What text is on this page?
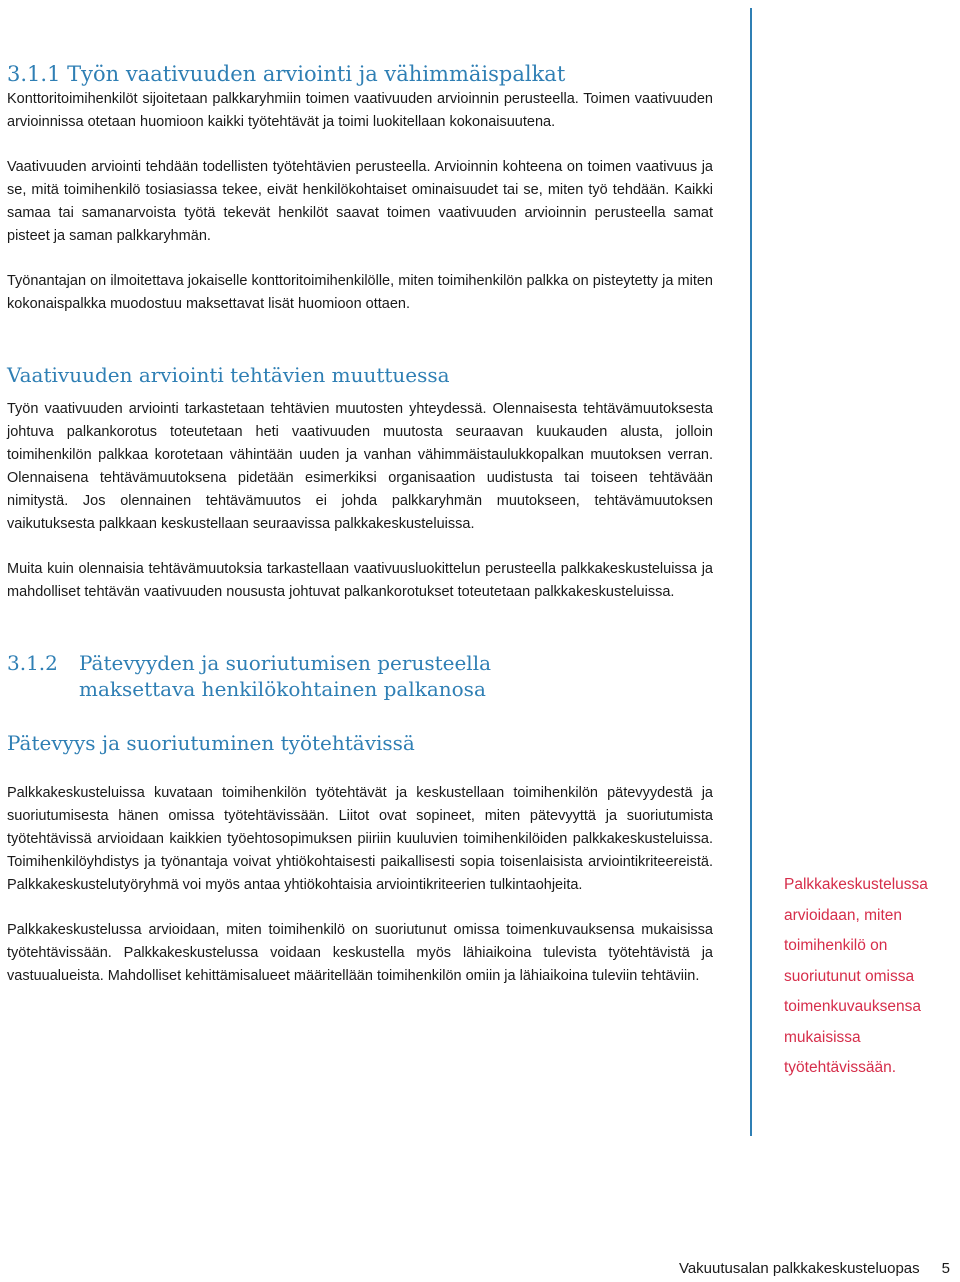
3.1.1 Työn vaativuuden arviointi ja vähimmäispalkat

Konttoritoimihenkilöt sijoitetaan palkkaryhmiin toimen vaativuuden arvioinnin perusteella. Toimen vaativuuden arvioinnissa otetaan huomioon kaikki työtehtävät ja toimi luokitellaan kokonaisuutena.

Vaativuuden arviointi tehdään todellisten työtehtävien perusteella. Arvioinnin kohteena on toimen vaativuus ja se, mitä toimihenkilö tosiasiassa tekee, eivät henkilökohtaiset ominaisuudet tai se, miten työ tehdään. Kaikki samaa tai samanarvoista työtä tekevät henkilöt saavat toimen vaativuuden arvioinnin perusteella samat pisteet ja saman palkkaryhmän.

Työnantajan on ilmoitettava jokaiselle konttoritoimihenkilölle, miten toimihenkilön palkka on pisteytetty ja miten kokonaispalkka muodostuu maksettavat lisät huomioon ottaen.

Vaativuuden arviointi tehtävien muuttuessa

Työn vaativuuden arviointi tarkastetaan tehtävien muutosten yhteydessä. Olennaisesta tehtävämuutoksesta johtuva palkankorotus toteutetaan heti vaativuuden muutosta seuraavan kuukauden alusta, jolloin toimihenkilön palkkaa korotetaan vähintään uuden ja vanhan vähimmäistaulukkopalkan muutoksen verran. Olennaisena tehtävämuutoksena pidetään esimerkiksi organisaation uudistusta tai toiseen tehtävään nimitystä. Jos olennainen tehtävämuutos ei johda palkkaryhmän muutokseen, tehtävämuutoksen vaikutuksesta palkkaan keskustellaan seuraavissa palkkakeskusteluissa.

Muita kuin olennaisia tehtävämuutoksia tarkastellaan vaativuusluokittelun perusteella palkkakeskusteluissa ja mahdolliset tehtävän vaativuuden noususta johtuvat palkankorotukset toteutetaan palkkakeskusteluissa.

3.1.2 Pätevyyden ja suoriutumisen perusteella
maksettava henkilökohtainen palkanosa
Pätevyys ja suoriutuminen työtehtävissä

Palkkakeskusteluissa kuvataan toimihenkilön työtehtävät ja keskustellaan toimihenkilön pätevyydestä ja suoriutumisesta hänen omissa työtehtävissään. Liitot ovat sopineet, miten pätevyyttä ja suoriutumista työtehtävissä arvioidaan kaikkien työehtosopimuksen piiriin kuuluvien toimihenkilöiden palkkakeskusteluissa. Toimihenkilöyhdistys ja työnantaja voivat yhtiökohtaisesti paikallisesti sopia toisenlaisista arviointikriteereistä. Palkkakeskustelutyöryhmä voi myös antaa yhtiökohtaisia arviointikriteerien tulkintaohjeita.

Palkkakeskustelussa arvioidaan, miten toimihenkilö on suoriutunut omissa toimenkuvauksensa mukaisissa työtehtävissään. Palkkakeskustelussa voidaan keskustella myös lähiaikoina tulevista työtehtävistä ja vastuualueista. Mahdolliset kehittämisalueet määritellään toimihenkilön omiin ja lähiaikoina tuleviin tehtäviin.

Palkkakeskustelussa arvioidaan, miten toimihenkilö on suoriutunut omissa toimenkuvauksensa mukaisissa työtehtävissään.
Vakuutusalan palkkakeskusteluopas 5
